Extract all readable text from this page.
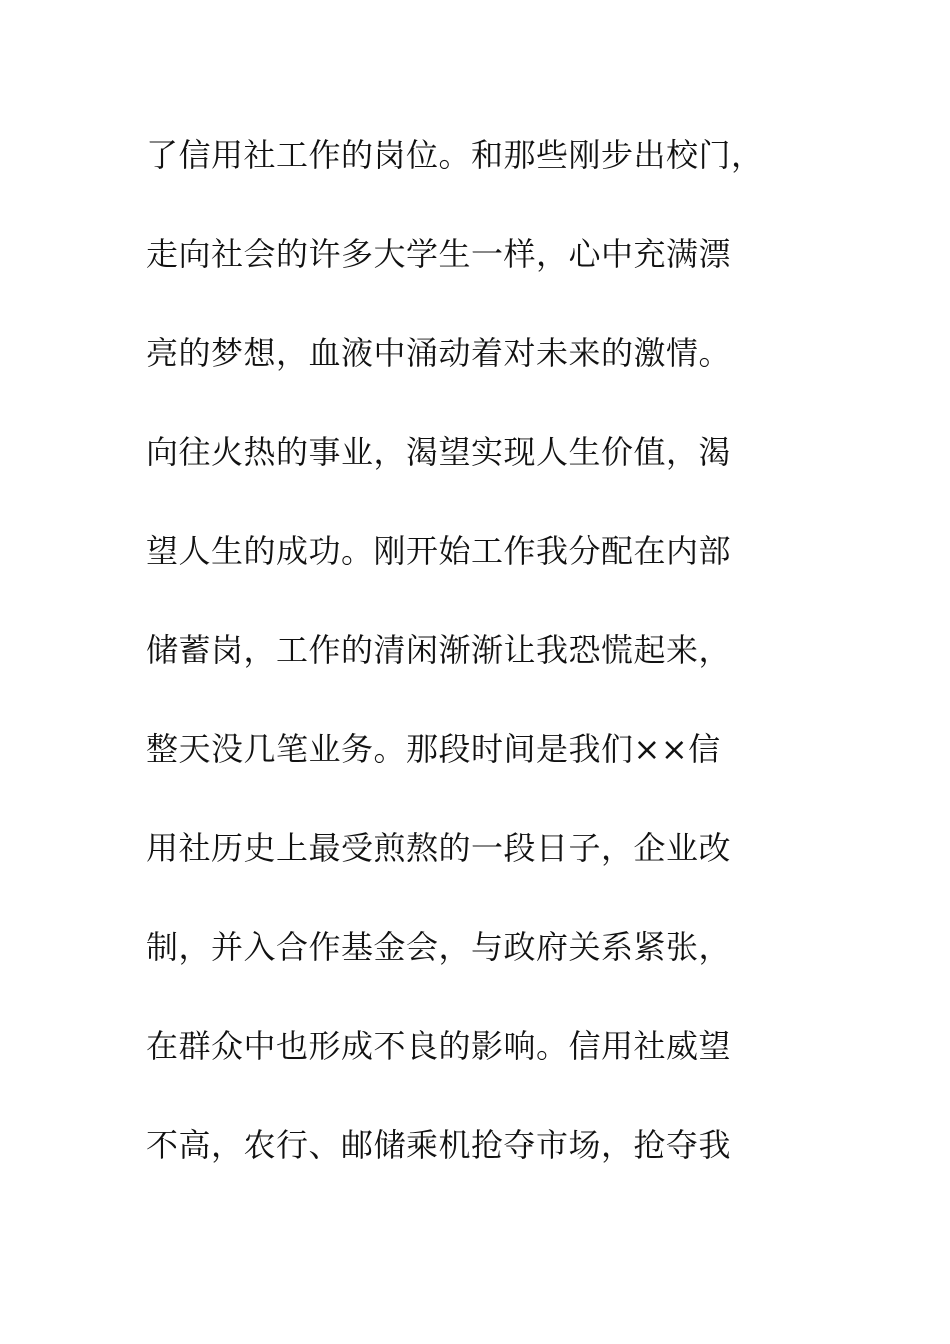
了信用社工作的岗位。和那些刚步出校门，
走向社会的许多大学生一样，心中充满漂
亮的梦想，血液中涌动着对未来的激情。
向往火热的事业，渴望实现人生价值，渴
望人生的成功。刚开始工作我分配在内部
储蓄岗，工作的清闲渐渐让我恐慌起来，
整天没几笔业务。那段时间是我们××信
用社历史上最受煎熬的一段日子，企业改
制，并入合作基金会，与政府关系紧张，
在群众中也形成不良的影响。信用社威望
不高，农行、邮储乘机抢夺市场，抢夺我
